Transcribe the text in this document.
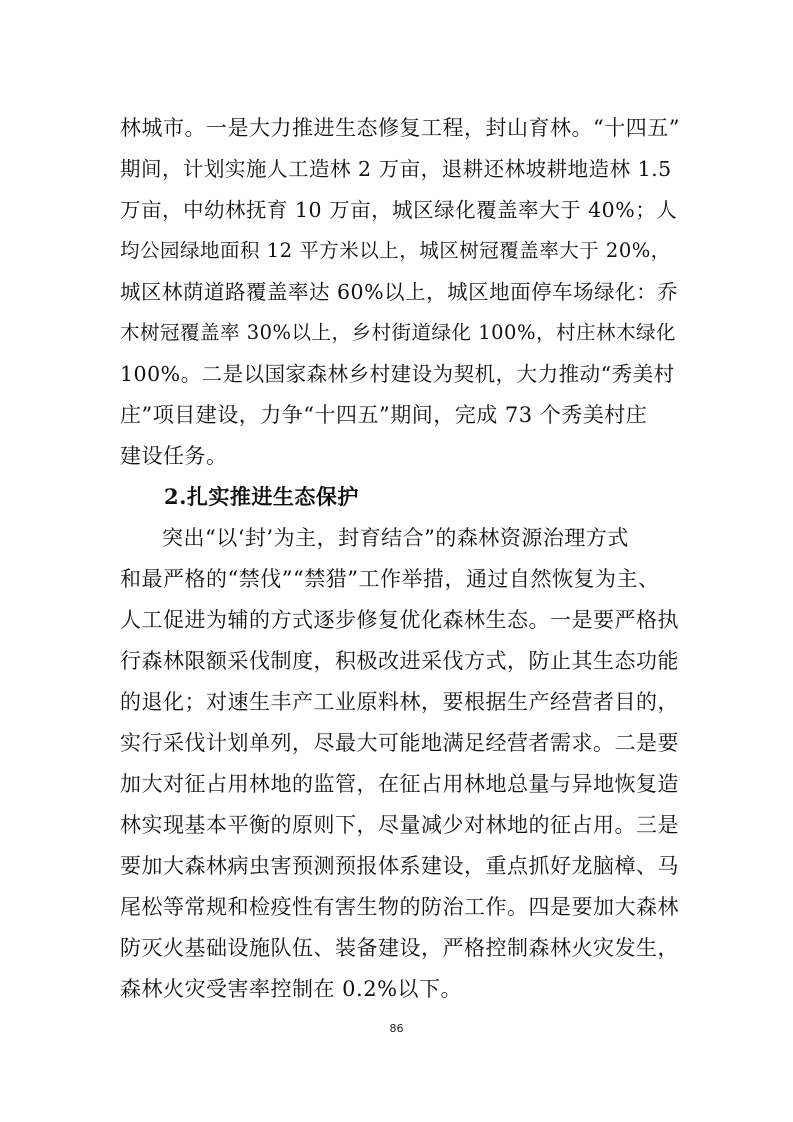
林城市。一是大力推进生态修复工程，封山育林。“十四五”
期间，计划实施人工造林 2 万亩，退耕还林坡耕地造林 1.5
万亩，中幼林抚育 10 万亩，城区绿化覆盖率大于 40%；人
均公园绿地面积 12 平方米以上，城区树冠覆盖率大于 20%，
城区林荫道路覆盖率达 60%以上，城区地面停车场绿化：乔
木树冠覆盖率 30%以上，乡村街道绿化 100%，村庄林木绿化
100%。二是以国家森林乡村建设为契机，大力推动“秀美村
庄”项目建设，力争“十四五”期间，完成 73 个秀美村庄
建设任务。
2.扎实推进生态保护
突出“以‘封’为主，封育结合”的森林资源治理方式
和最严格的“禁伐”“禁猎”工作举措，通过自然恢复为主、
人工促进为辅的方式逐步修复优化森林生态。一是要严格执
行森林限额采伐制度，积极改进采伐方式，防止其生态功能
的退化；对速生丰产工业原料林，要根据生产经营者目的，
实行采伐计划单列，尽最大可能地满足经营者需求。二是要
加大对征占用林地的监管，在征占用林地总量与异地恢复造
林实现基本平衡的原则下，尽量减少对林地的征占用。三是
要加大森林病虫害预测预报体系建设，重点抓好龙脑樟、马
尾松等常规和检疫性有害生物的防治工作。四是要加大森林
防灭火基础设施队伍、装备建设，严格控制森林火灾发生，
森林火灾受害率控制在 0.2%以下。
86
